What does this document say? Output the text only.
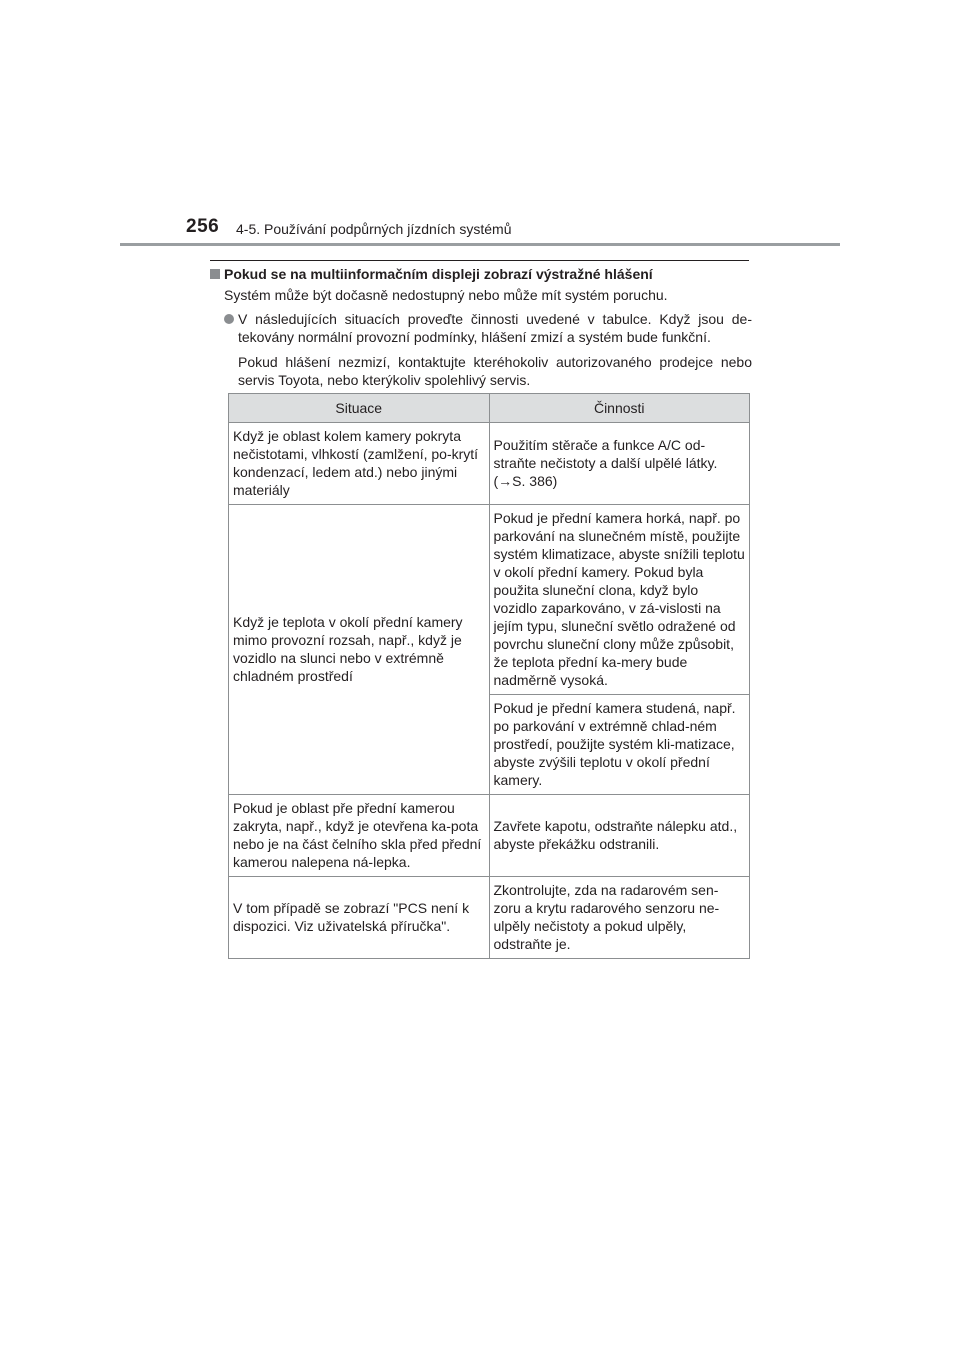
256 4-5. Používání podpůrných jízdních systémů
Pokud se na multiinformačním displeji zobrazí výstražné hlášení
Systém může být dočasně nedostupný nebo může mít systém poruchu.
V následujících situacích proveďte činnosti uvedené v tabulce. Když jsou de-tekovány normální provozní podmínky, hlášení zmizí a systém bude funkční.
Pokud hlášení nezmizí, kontaktujte kteréhokoliv autorizovaného prodejce nebo servis Toyota, nebo kterýkoliv spolehlivý servis.
Situace	Činnosti
Když je oblast kolem kamery pokryta nečistotami, vlhkostí (zamlžení, po-krytí kondenzací, ledem atd.) nebo jinými materiály	Použitím stěrače a funkce A/C od-straňte nečistoty a další ulpělé látky. (→S. 386)
Když je teplota v okolí přední kamery mimo provozní rozsah, např., když je vozidlo na slunci nebo v extrémně chladném prostředí	Pokud je přední kamera horká, např. po parkování na slunečném místě, použijte systém klimatizace, abyste snížili teplotu v okolí přední kamery. Pokud byla použita sluneční clona, když bylo vozidlo zaparkováno, v zá-vislosti na jejím typu, sluneční světlo odražené od povrchu sluneční clony může způsobit, že teplota přední ka-mery bude nadměrně vysoká.
	Pokud je přední kamera studená, např. po parkování v extrémně chlad-ném prostředí, použijte systém kli-matizace, abyste zvýšili teplotu v okolí přední kamery.
Pokud je oblast pře přední kamerou zakryta, např., když je otevřena ka-pota nebo je na část čelního skla před přední kamerou nalepena ná-lepka.	Zavřete kapotu, odstraňte nálepku atd., abyste překážku odstranili.
V tom případě se zobrazí "PCS není k dispozici. Viz uživatelská příručka".	Zkontrolujte, zda na radarovém sen-zoru a krytu radarového senzoru ne-ulpěly nečistoty a pokud ulpěly, odstraňte je.
